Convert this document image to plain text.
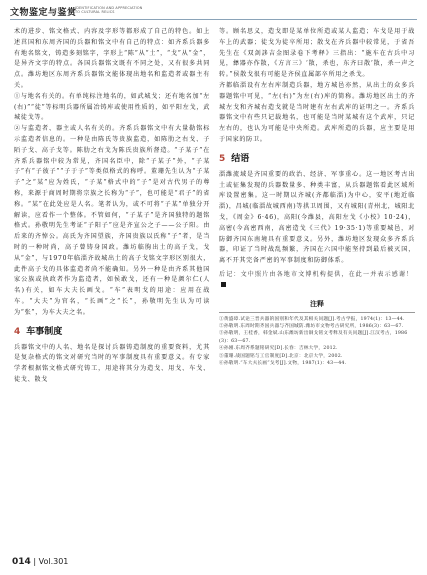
文物鉴定与鉴赏
IDENTIFICATION AND APPRECIATION
TO CULTURAL RELICS

术的进步、铭文格式、内容及字形等都形成了自己的特色。如上述莒国和东周齐国的兵器和铭文中有自己的特点：如齐系兵器多有地名铭文，铸造多刻铭字，字形上“陈”从“土”，“戈”从“金”，是异齐文字的特点。各国兵器铭文既有不同之处，又有很多共同点。潍坊地区东周齐系兵器铭文能体现出地名和监造者或器主有关。

①与地名有关的。有单纯标注地名的，如武城戈；还有地名加“左(右)”“徒”等标明兵器所属冶铸库或使用性质的，如平阳左戈，武城徒戈等。

②与监造者、器主或人名有关的。齐系兵器铭文中有大量勒铭标示监造者信息的。一种是由陈氏等贵族监造，如陈肋之右戈、子陌子戈、高子戈等。陈肋之右戈为陈氏贵族所督造。“子某子”在齐系兵器铭中较为常见，齐国名臣中，除“子某子”外，“子某子”有“子彼子”“子于子”等类似格式的称呼。董珊先生认为“子某子”之“某”应为姓氏，“子某”格式中的“子”是对古代男子的尊称，来源于商周时期将宗族之长称为“子”，也可能是“君子”的省称。“某”在此处应是人名。笔者认为，或不可将“子某”单独分开解读，应看作一个整体。不管如何，“子某子”是齐国独特的题铭格式。孙敬明先生考证“子阳子”应是齐宣公之子——公子阳。由后来的齐悼公。高氏为齐国望族，齐国贵族以氏称“子”者，是当时的一种时尚，高子曾铸身国政。潍坊临朐出土的高子戈，戈从“金”，与1970年临淄齐故城出土的高子戈铭文字形区别很大，此件高子戈的具体监造者尚不能确知。另外一种是由齐系其他国家公族或执政者作为监造者，如侯敢戈，还有一种是颜尔仁(人名)有关，如车大夫长画戈。“车”表明戈的用途：应用在战车。“大夫”为官名，“长画”之“长”，孙敬明先生认为可读为“张”，为车大夫之名。

4 车事制度

兵器铭文中的人名、地名是探讨兵器铸造制度的重要资料，尤其是复杂格式的铭文对研究当时的军事制度具有重要意义。有专家学者根据铭文格式研究铸工，用途将其分为造戈、用戈、车戈、徒戈、散戈

等。顾名思义，造戈即是某单位所造或某人监造；车戈是用于战车上的武器；徒戈为徒卒所用；散戈在齐兵器中较常见，于省吾先生在《双剑誃吉金图录卷下考释》三指出：“施车在古兵中习见，彝器亦作散，《方言三》‘散，杀也，东齐曰散’散，杀一声之转。”侯散戈很有可能是齐侯直属部卒所用之杀戈。

齐都临淄设有左右库制造兵器，地方城邑亦然，从出土的众多兵器题铭中可见，“左(右)”为左(右)库的简称。潍坊地区出土的齐城左戈和齐城右造戈就是当时建有左右武库的证明之一。齐系兵器铭文中有些只记载地名，也可能是当时某城有这个武库，只记左右的，也认为可能是中央所造。武库所造的兵器，应主要是用于国家的防卫。

5 结语

淄潍流域是齐国重要的政治、经济、军事重心。这一地区考古出土或征集发现的兵器数量多、种类丰富，从兵器题铭看此区域所库设置密集。这一时期以齐城(齐都临淄)为中心，安平(地近临淄)，昌城(临淄故城西南)等拱卫周围，又有城阳(青州北，城阳北戈，《周金》6·46)，高阳(今潍县，高阳左戈《小校》10·24)，高密(今高密西南，高密造戈《三代》19·35·1)等重要城邑，对防御齐国东南境具有重要意义。另外，潍坊地区发现众多齐系兵器，印证了当时战乱频繁，齐国在六国中能坚持到最后被灭国，离不开其完备严密的军事制度和防御体系。

后记：文中照片由各地市文博机构提供，在此一并表示感谢！

注释

①黄盛璋.试论三晋兵器的国别和年代及其相关问题[J].考古学报，1974(1)：13—44.

②孙敬明.东周时期齐国兵器与齐国城防.潍坊市文物考古研究所，1986(3)：63—67.

③孙敬明，王桂香，韩金斌.山东潍坊新出铜戈铭文考释及有关问题[J].江汉考古，1986(3)：63—67.

④孙刚.东周齐系题铭研究[D].长春：吉林大学，2012.

⑤董珊.战国题铭与工官制度[D].北京：北京大学，2002.

⑥孙敬明.“车大夫长画”戈考[J].文物，1987(1)：43—44.

014 | Vol.301
